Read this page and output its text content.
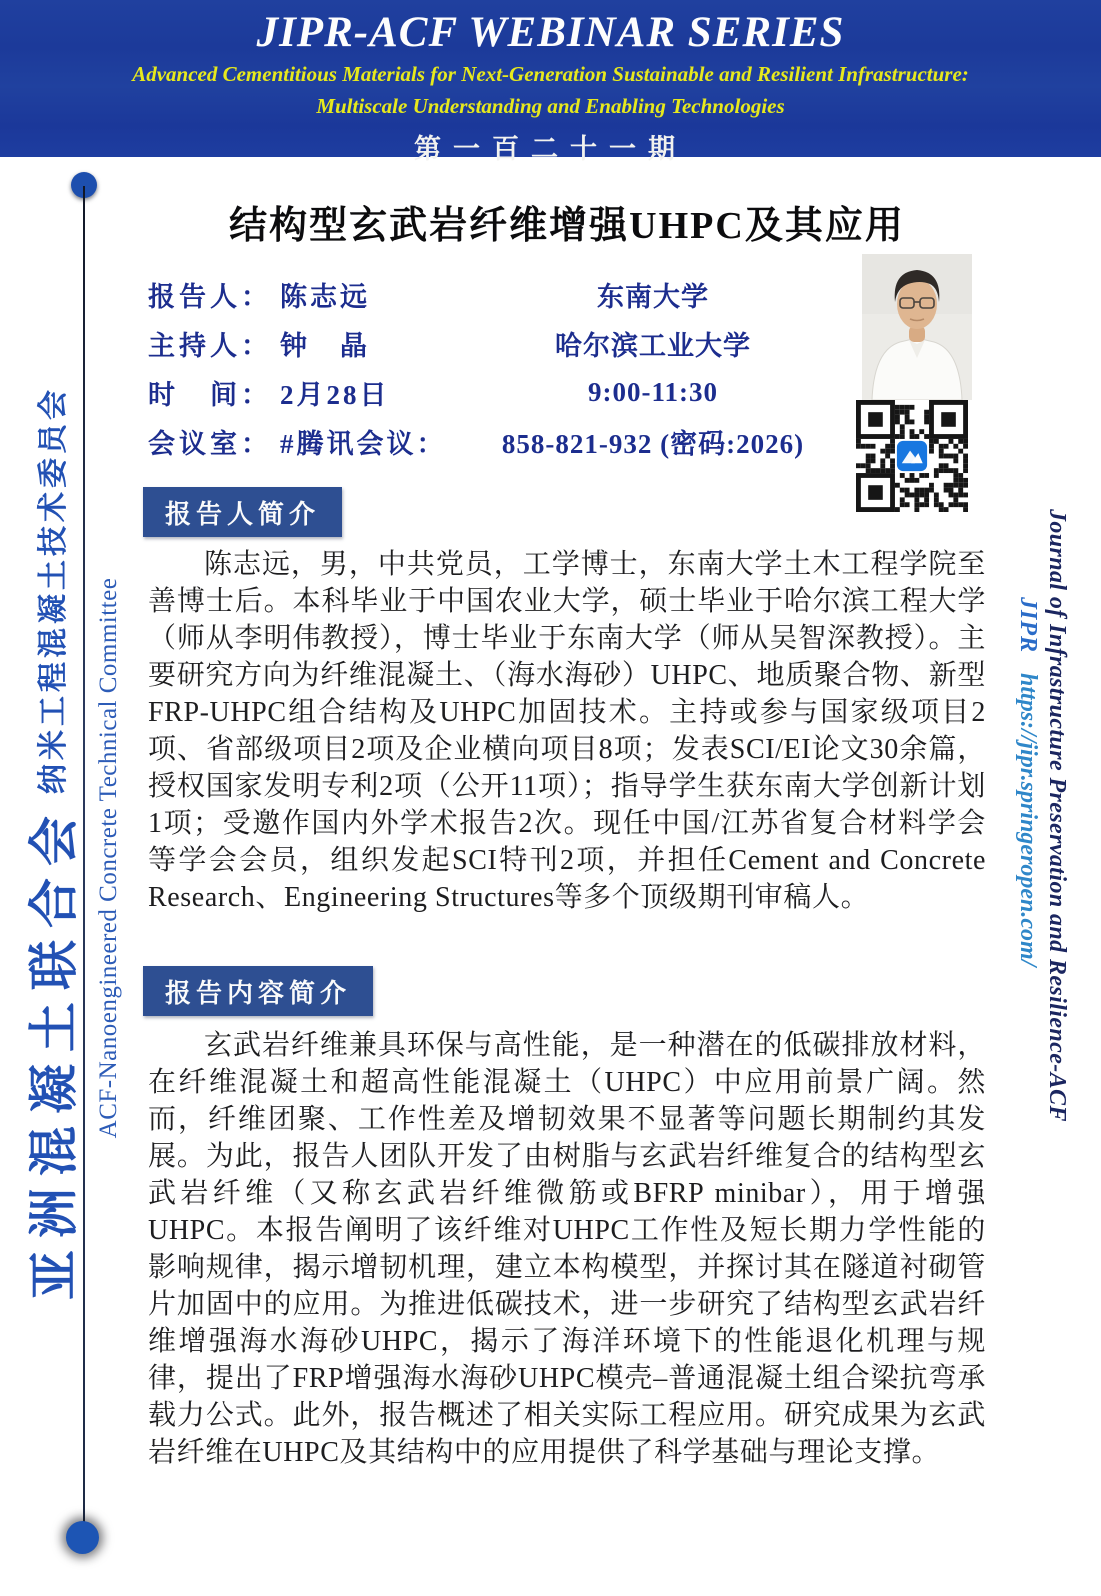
JIPR-ACF WEBINAR SERIES
Advanced Cementitious Materials for Next-Generation Sustainable and Resilient Infrastructure:
Multiscale Understanding and Enabling Technologies
第一百二十一期
亚洲混凝土联合会
纳米工程混凝土技术委员会 ACF-Nanoengineered Concrete Technical Committee	Journal of Infrastructure Preservation and Resilience-ACF
JIPR https://jipr.springeropen.com/
结构型玄武岩纤维增强UHPC及其应用
报告人： 陈志远	东南大学
主持人： 钟　晶	哈尔滨工业大学
时　间： 2月28日	9:00-11:30
会议室： #腾讯会议：	858-821-932 (密码:2026)
报告人简介
陈志远，男，中共党员，工学博士，东南大学土木工程学院至善博士后。本科毕业于中国农业大学，硕士毕业于哈尔滨工程大学（师从李明伟教授），博士毕业于东南大学（师从吴智深教授）。主要研究方向为纤维混凝土、（海水海砂）UHPC、地质聚合物、新型FRP-UHPC组合结构及UHPC加固技术。主持或参与国家级项目2项、省部级项目2项及企业横向项目8项；发表SCI/EI论文30余篇，授权国家发明专利2项（公开11项）；指导学生获东南大学创新计划1项；受邀作国内外学术报告2次。现任中国/江苏省复合材料学会等学会会员，组织发起SCI特刊2项，并担任Cement and Concrete Research、Engineering Structures等多个顶级期刊审稿人。
报告内容简介
玄武岩纤维兼具环保与高性能，是一种潜在的低碳排放材料，在纤维混凝土和超高性能混凝土（UHPC）中应用前景广阔。然而，纤维团聚、工作性差及增韧效果不显著等问题长期制约其发展。为此，报告人团队开发了由树脂与玄武岩纤维复合的结构型玄武岩纤维（又称玄武岩纤维微筋或BFRP minibar），用于增强UHPC。本报告阐明了该纤维对UHPC工作性及短长期力学性能的影响规律，揭示增韧机理，建立本构模型，并探讨其在隧道衬砌管片加固中的应用。为推进低碳技术，进一步研究了结构型玄武岩纤维增强海水海砂UHPC，揭示了海洋环境下的性能退化机理与规律，提出了FRP增强海水海砂UHPC模壳–普通混凝土组合梁抗弯承载力公式。此外，报告概述了相关实际工程应用。研究成果为玄武岩纤维在UHPC及其结构中的应用提供了科学基础与理论支撑。
